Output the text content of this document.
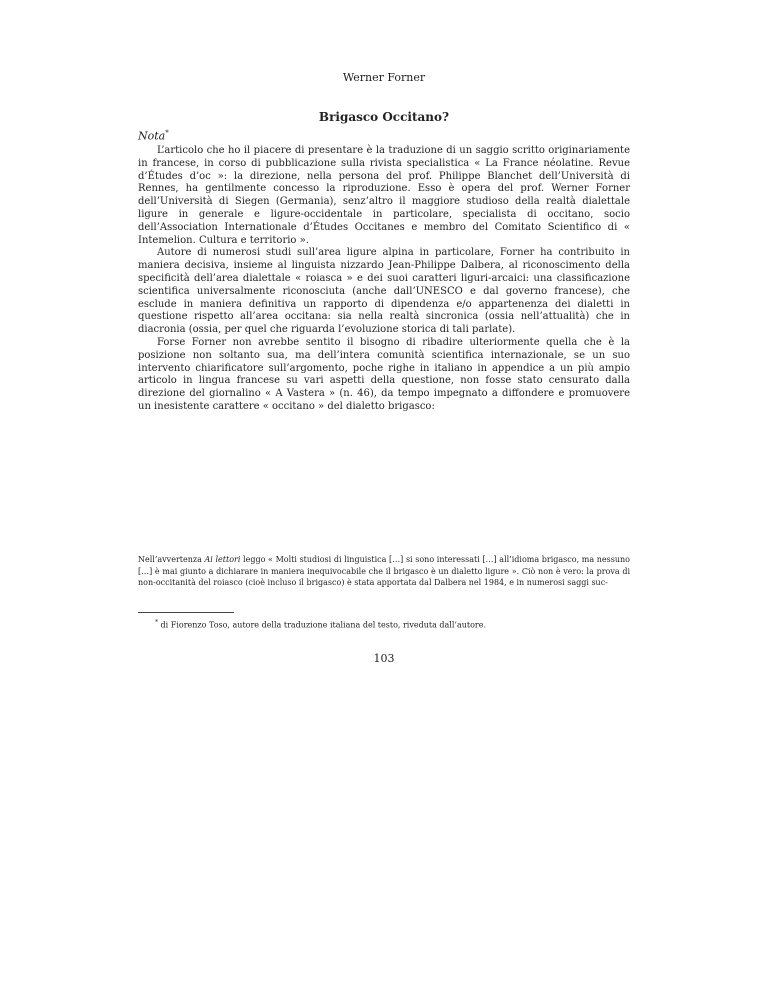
Werner Forner
Brigasco Occitano?
Nota*

L’articolo che ho il piacere di presentare è la traduzione di un saggio scritto originariamente in francese, in corso di pubblicazione sulla rivista specialistica « La France néolatine. Revue d’Études d’oc »: la direzione, nella persona del prof. Philippe Blanchet dell’Università di Rennes, ha gentilmente concesso la riproduzione. Esso è opera del prof. Werner Forner dell’Università di Siegen (Germania), senz’altro il maggiore studioso della realtà dialettale ligure in generale e ligure-occidentale in particolare, specialista di occitano, socio dell’Association Internationale d’Études Occitanes e membro del Comitato Scientifico di « Intemelion. Cultura e territorio ».

Autore di numerosi studi sull’area ligure alpina in particolare, Forner ha contribuito in maniera decisiva, insieme al linguista nizzardo Jean-Philippe Dalbera, al riconoscimento della specificità dell’area dialettale « roiasca » e dei suoi caratteri liguri-arcaici: una classificazione scientifica universalmente riconosciuta (anche dall’UNESCO e dal governo francese), che esclude in maniera definitiva un rapporto di dipendenza e/o appartenenza dei dialetti in questione rispetto all’area occitana: sia nella realtà sincronica (ossia nell’attualità) che in diacronia (ossia, per quel che riguarda l’evoluzione storica di tali parlate).

Forse Forner non avrebbe sentito il bisogno di ribadire ulteriormente quella che è la posizione non soltanto sua, ma dell’intera comunità scientifica internazionale, se un suo intervento chiarificatore sull’argomento, poche righe in italiano in appendice a un più ampio articolo in lingua francese su vari aspetti della questione, non fosse stato censurato dalla direzione del giornalino « A Vastera » (n. 46), da tempo impegnato a diffondere e promuovere un inesistente carattere « occitano » del dialetto brigasco:

Nell’avvertenza Ai lettori leggo « Molti studiosi di linguistica […] si sono interessati […] all’idioma brigasco, ma nessuno […] è mai giunto a dichiarare in maniera inequivocabile che il brigasco è un dialetto ligure ». Ciò non è vero: la prova di non-occitanità del roiasco (cioè incluso il brigasco) è stata apportata dal Dalbera nel 1984, e in numerosi saggi suc-

* di Fiorenzo Toso, autore della traduzione italiana del testo, riveduta dall’autore.
103
